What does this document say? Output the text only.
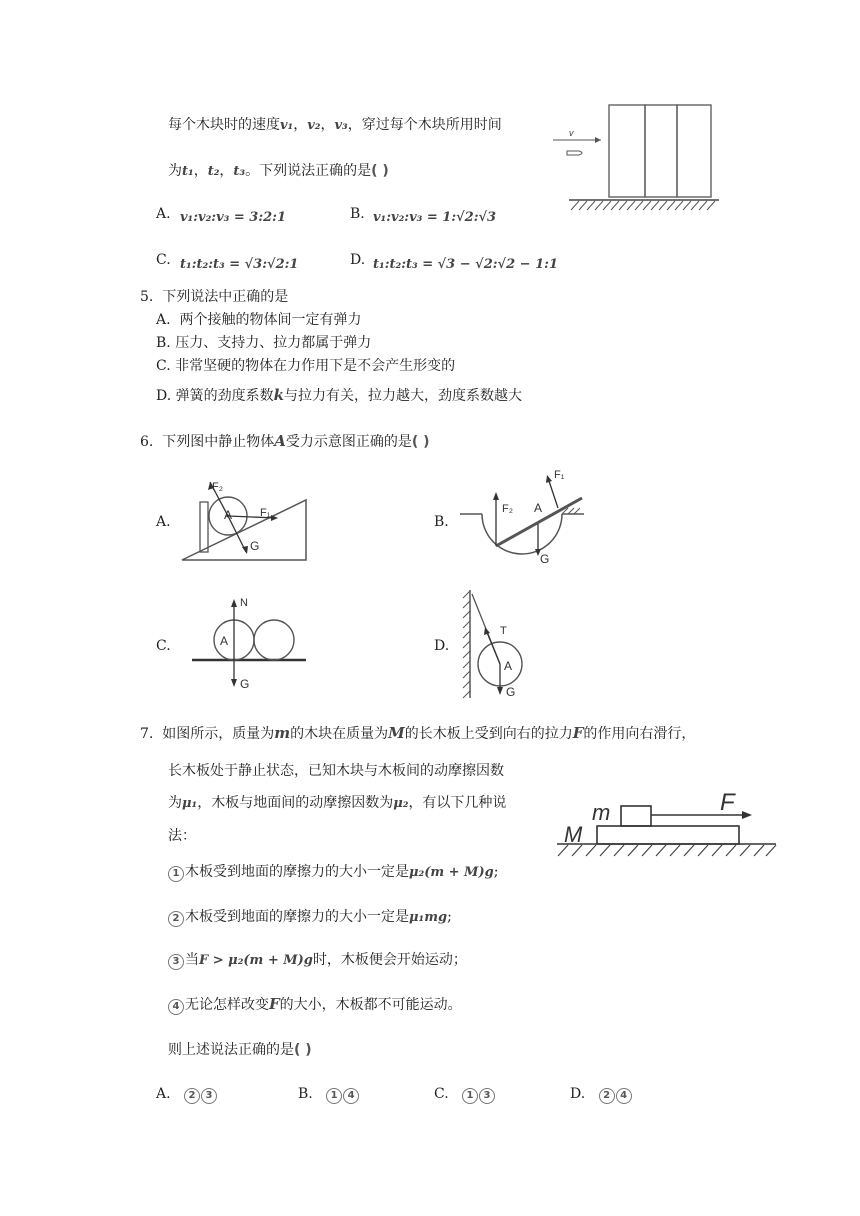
每个木块时的速度v₁，v₂，v₃，穿过每个木块所用时间
为t₁，t₂，t₃。下列说法正确的是( )
v
A. v₁:v₂:v₃ = 3:2:1	B. v₁:v₂:v₃ = 1:√2:√3
C. t₁:t₂:t₃ = √3:√2:1	D. t₁:t₂:t₃ = √3 − √2:√2 − 1:1
5. 下列说法中正确的是
A. 两个接触的物体间一定有弹力
B. 压力、支持力、拉力都属于弹力
C. 非常坚硬的物体在力作用下是不会产生形变的
D. 弹簧的劲度系数k与拉力有关，拉力越大，劲度系数越大
6. 下列图中静止物体A受力示意图正确的是( )
A.
F₂
A	F₁
G
B.
F₂ A
F₁
G
C.
N
A
G
D.
T
A
G
7. 如图所示，质量为m的木块在质量为M的长木板上受到向右的拉力F的作用向右滑行，
长木板处于静止状态，已知木块与木板间的动摩擦因数
为μ₁，木板与地面间的动摩擦因数为μ₂，有以下几种说
法：
1 木板受到地面的摩擦力的大小一定是μ₂(m + M)g;
2 木板受到地面的摩擦力的大小一定是μ₁mg;
3 当F > μ₂(m + M)g时，木板便会开始运动；
4 无论怎样改变F的大小，木板都不可能运动。
则上述说法正确的是( )
m	F
M
A. 2 3	B. 1 4	C. 1 3	D. 2 4
